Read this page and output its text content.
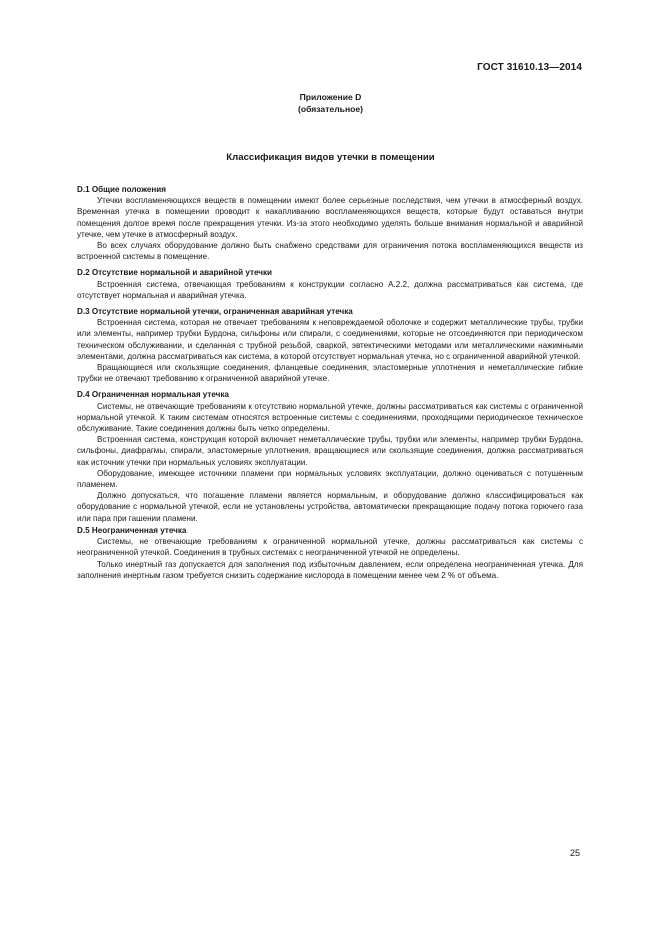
ГОСТ 31610.13—2014
Приложение D
(обязательное)
Классификация видов утечки в помещении
D.1 Общие положения

Утечки воспламеняющихся веществ в помещении имеют более серьезные последствия, чем утечки в атмосферный воздух. Временная утечка в помещении проводит к накапливанию воспламеняющихся веществ, которые будут оставаться внутри помещения долгое время после прекращения утечки. Из-за этого необходимо уделять больше внимания нормальной и аварийной утечке, чем утечке в атмосферный воздух.

Во всех случаях оборудование должно быть снабжено средствами для ограничения потока воспламеняющихся веществ из встроенной системы в помещение.

D.2 Отсутствие нормальной и аварийной утечки

Встроенная система, отвечающая требованиям к конструкции согласно А.2.2, должна рассматриваться как система, где отсутствует нормальная и аварийная утечка.

D.3 Отсутствие нормальной утечки, ограниченная аварийная утечка

Встроенная система, которая не отвечает требованиям к неповреждаемой оболочке и содержит металлические трубы, трубки или элементы, например трубки Бурдона, сильфоны или спирали, с соединениями, которые не отсоединяются при периодическом техническом обслуживании, и сделанная с трубной резьбой, сваркой, эвтектическими методами или металлическими нажимными элементами, должна рассматриваться как система, в которой отсутствует нормальная утечка, но с ограниченной аварийной утечкой.

Вращающиеся или скользящие соединения, фланцевые соединения, эластомерные уплотнения и неметаллические гибкие трубки не отвечают требованию к ограниченной аварийной утечке.

D.4 Ограниченная нормальная утечка

Системы, не отвечающие требованиям к отсутствию нормальной утечке, должны рассматриваться как системы с ограниченной нормальной утечкой. К таким системам относятся встроенные системы с соединениями, проходящими периодическое техническое обслуживание. Такие соединения должны быть четко определены.

Встроенная система, конструкция которой включает неметаллические трубы, трубки или элементы, например трубки Бурдона, сильфоны, диафрагмы, спирали, эластомерные уплотнения, вращающиеся или скользящие соединения, должна рассматриваться как источник утечки при нормальных условиях эксплуатации.

Оборудование, имеющее источники пламени при нормальных условиях эксплуатации, должно оцениваться с потушенным пламенем.

Должно допускаться, что погашение пламени является нормальным, и оборудование должно классифицироваться как оборудование с нормальной утечкой, если не установлены устройства, автоматически прекращающие подачу потока горючего газа или пара при гашении пламени.

D.5 Неограниченная утечка

Системы, не отвечающие требованиям к ограниченной нормальной утечке, должны рассматриваться как системы с неограниченной утечкой. Соединения в трубных системах с неограниченной утечкой не определены.

Только инертный газ допускается для заполнения под избыточным давлением, если определена неограниченная утечка. Для заполнения инертным газом требуется снизить содержание кислорода в помещении менее чем 2 % от объема.

25
